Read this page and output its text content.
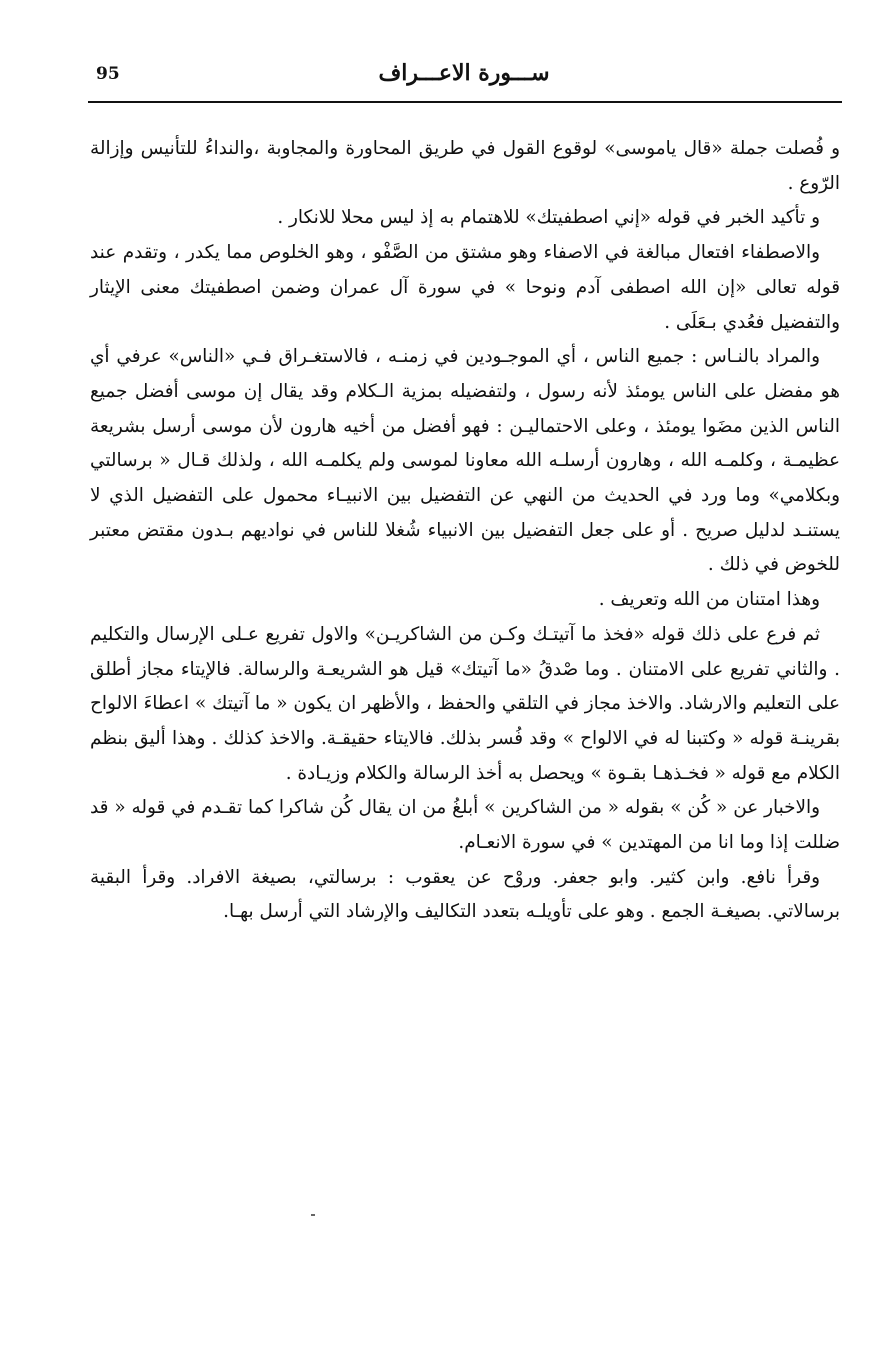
95	ســـورة الاعـــراف

و فُصلت جملة «قال ياموسى» لوقوع القول في طريق المحاورة والمجاوبة ،والنداءُ للتأنيس وإزالة الرّوع .

و تأكيد الخبر في قوله «إني اصطفيتك» للاهتمام به إذ ليس محلا للانكار .

والاصطفاء افتعال مبالغة في الاصفاء وهو مشتق من الصَّفْو ، وهو الخلوص مما يكدر ، وتقدم عند قوله تعالى «إن الله اصطفى آدم ونوحا » في سورة آل عمران وضمن اصطفيتك معنى الإيثار والتفضيل فعُدي بـعَلَى .

والمراد بالنـاس : جميع الناس ، أي الموجـودين في زمنـه ، فالاستغـراق فـي «الناس» عرفي أي هو مفضل على الناس يومئذ لأنه رسول ، ولتفضيله بمزية الـكلام وقد يقال إن موسى أفضل جميع الناس الذين مضَوا يومئذ ، وعلى الاحتماليـن : فهو أفضل من أخيه هارون لأن موسى أرسل بشريعة عظيمـة ، وكلمـه الله ، وهارون أرسلـه الله معاونا لموسى ولم يكلمـه الله ، ولذلك قـال « برسالتي وبكلامي» وما ورد في الحديث من النهي عن التفضيل بين الانبيـاء محمول على التفضيل الذي لا يستنـد لدليل صريح . أو على جعل التفضيل بين الانبياء شُغلا للناس في نواديهم بـدون مقتض معتبر للخوض في ذلك .

وهذا امتنان من الله وتعريف .

ثم فرع على ذلك قوله «فخذ ما آتيتـك وكـن من الشاكريـن» والاول تفريع عـلى الإرسال والتكليم . والثاني تفريع على الامتنان . وما صْدقُ «ما آتيتك» قيل هو الشريعـة والرسالة. فالإيتاء مجاز أطلق على التعليم والارشاد. والاخذ مجاز في التلقي والحفظ ، والأظهر ان يكون « ما آتيتك » اعطاءَ الالواح بقرينـة قوله « وكتبنا له في الالواح » وقد فُسر بذلك. فالايتاء حقيقـة. والاخذ كذلك . وهذا أليق بنظم الكلام مع قوله « فخـذهـا بقـوة » ويحصل به أخذ الرسالة والكلام وزيـادة .

والاخبار عن « كُن » بقوله « من الشاكرين » أبلغُ من ان يقال كُن شاكرا كما تقـدم في قوله « قد ضللت إذا وما انا من المهتدين » في سورة الانعـام.

وقرأ نافع. وابن كثير. وابو جعفر. وروْح عن يعقوب : برسالتي، بصيغة الافراد. وقرأ البقية برسالاتي. بصيغـة الجمع . وهو على تأويلـه بتعدد التكاليف والإرشاد التي أرسل بهـا.
